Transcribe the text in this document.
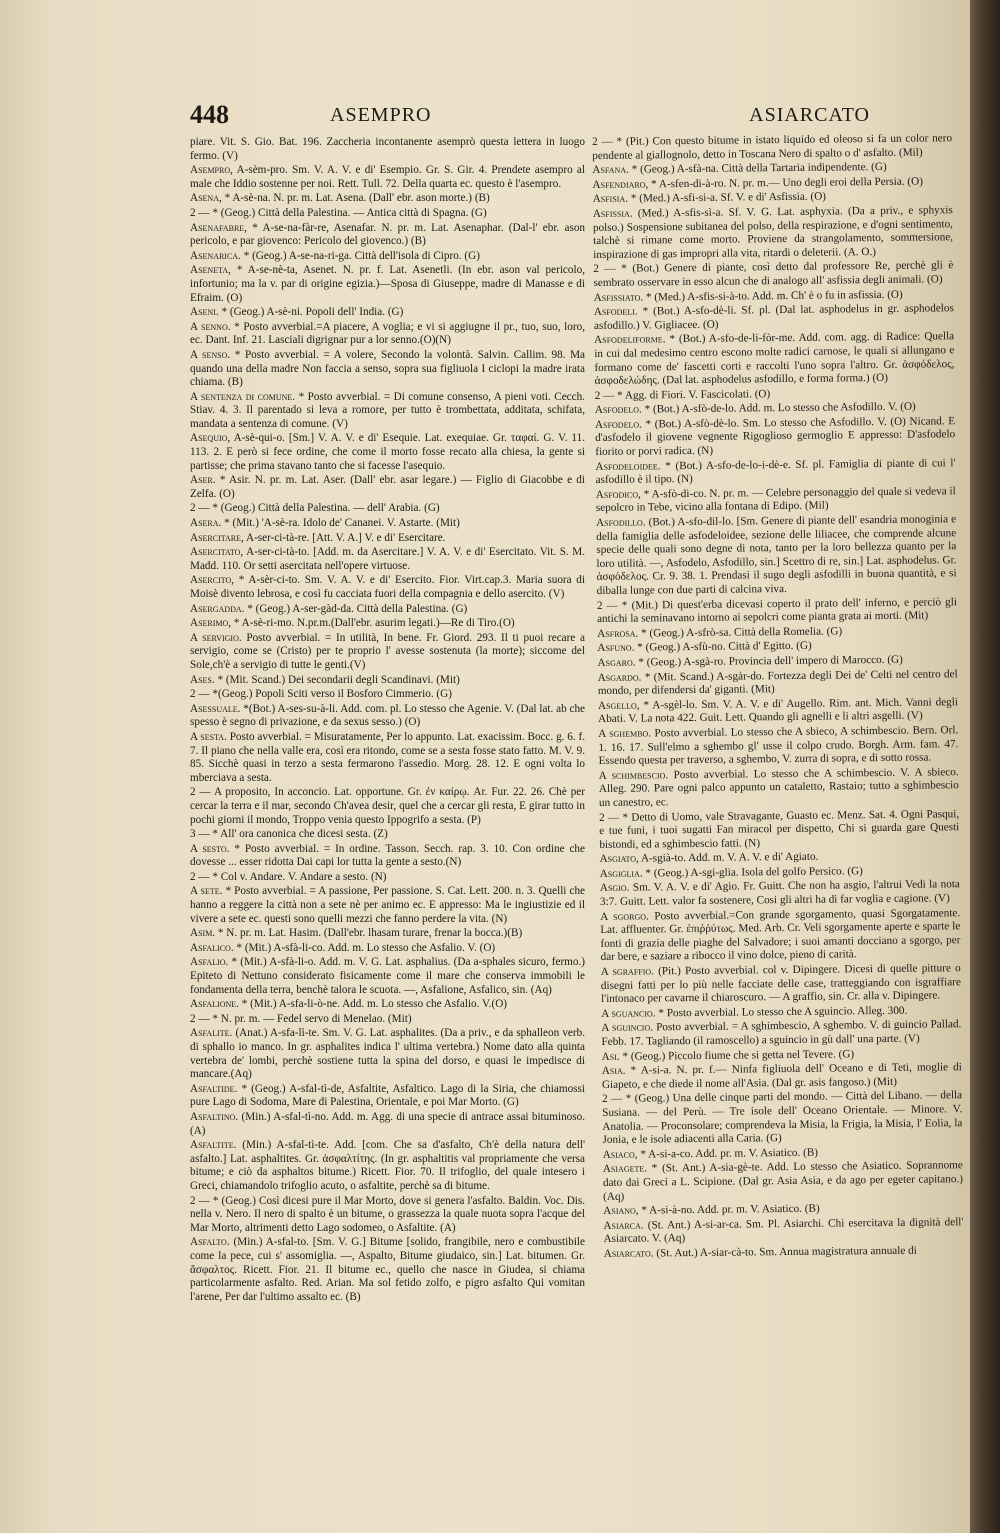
448	ASEMPRO	ASIARCATO

piare. Vit. S. Gio. Bat. 196. Zaccheria incontanente asemprò questa lettera in luogo fermo. (V)

Asempro, A-sèm-pro. Sm. V. A. V. e di' Esempio. Gr. S. Gir. 4. Prendete asempro al male che Iddio sostenne per noi. Rett. Tull. 72. Della quarta ec. questo è l'asempro.

Asena, * A-sè-na. N. pr. m. Lat. Asena. (Dall' ebr. ason morte.) (B)

2 — * (Geog.) Città della Palestina. — Antica città di Spagna. (G)

Asenafabre, * A-se-na-fàr-re, Asenafar. N. pr. m. Lat. Asenaphar. (Dal-l' ebr. ason pericolo, e par giovenco: Pericolo del giovenco.) (B)

Asenarica. * (Geog.) A-se-na-ri-ga. Città dell'isola di Cipro. (G)

Aseneta, * A-se-nè-ta, Asenet. N. pr. f. Lat. Asenetli. (In ebr. ason val pericolo, infortunio; ma la v. par di origine egizia.)—Sposa di Giuseppe, madre di Manasse e di Efraim. (O)

Aseni. * (Geog.) A-sè-ni. Popoli dell' India. (G)

A senno. * Posto avverbial.=A piacere, A voglia; e vi si aggiugne il pr., tuo, suo, loro, ec. Dant. Inf. 21. Lasciali digrignar pur a lor senno.(O)(N)

A senso. * Posto avverbial. = A volere, Secondo la volontà. Salvin. Callim. 98. Ma quando una della madre Non faccia a senso, sopra sua figliuola I ciclopi la madre irata chiama. (B)

A sentenza di comune. * Posto avverbial. = Di comune consenso, A pieni voti. Cecch. Stiav. 4. 3. Il parentado si leva a romore, per tutto è trombettata, additata, schifata, mandata a sentenza di comune. (V)

Asequio, A-sè-qui-o. [Sm.] V. A. V. e di' Esequie. Lat. exequiae. Gr. ταφαί. G. V. 11. 113. 2. E però si fece ordine, che come il morto fosse recato alla chiesa, la gente si partisse; che prima stavano tanto che si facesse l'asequio.

Aser. * Asir. N. pr. m. Lat. Aser. (Dall' ebr. asar legare.) — Figlio di Giacobbe e di Zelfa. (O)

2 — * (Geog.) Città della Palestina. — dell' Arabia. (G)

Asera. * (Mit.) 'A-sè-ra. Idolo de' Cananei. V. Astarte. (Mit)

Asercitare, A-ser-ci-tà-re. [Att. V. A.] V. e di' Esercitare.

Asercitato, A-ser-ci-tà-to. [Add. m. da Asercitare.] V. A. V. e di' Esercitato. Vit. S. M. Madd. 110. Or setti asercitata nell'opere virtuose.

Asercito, * A-sèr-ci-to. Sm. V. A. V. e di' Esercito. Fior. Virt.cap.3. Maria suora di Moisè divento lebrosa, e così fu cacciata fuori della compagnia e dello asercito. (V)

Asergadda. * (Geog.) A-ser-gàd-da. Città della Palestina. (G)

Aserimo, * A-sè-ri-mo. N.pr.m.(Dall'ebr. asurim legati.)—Re di Tiro.(O)

A servigio. Posto avverbial. = In utilità, In bene. Fr. Giord. 293. Il ti puoi recare a servigio, come se (Cristo) per te proprio l' avesse sostenuta (la morte); siccome del Sole,ch'è a servigio di tutte le genti.(V)

Ases. * (Mit. Scand.) Dei secondarii degli Scandinavi. (Mit)

2 — *(Geog.) Popoli Sciti verso il Bosforo Cimmerio. (G)

Asessuale. *(Bot.) A-ses-su-à-li. Add. com. pl. Lo stesso che Agenie. V. (Dal lat. ab che spesso è segno di privazione, e da sexus sesso.) (O)

A sesta. Posto avverbial. = Misuratamente, Per lo appunto. Lat. exacissim. Bocc. g. 6. f. 7. Il piano che nella valle era, così era ritondo, come se a sesta fosse stato fatto. M. V. 9. 85. Sicchè quasi in terzo a sesta fermarono l'assedio. Morg. 28. 12. E ogni volta lo mberciava a sesta.

2 — A proposito, In acconcio. Lat. opportune. Gr. ἐν καίρῳ. Ar. Fur. 22. 26. Chè per cercar la terra e il mar, secondo Ch'avea desir, quel che a cercar gli resta, E girar tutto in pochi giorni il mondo, Troppo venia questo Ippogrifo a sesta. (P)

3 — * All' ora canonica che dicesi sesta. (Z)

A sesto. * Posto avverbial. = In ordine. Tasson. Secch. rap. 3. 10. Con ordine che dovesse ... esser ridotta Dai capi lor tutta la gente a sesto.(N)

2 — * Col v. Andare. V. Andare a sesto. (N)

A sete. * Posto avverbial. = A passione, Per passione. S. Cat. Lett. 200. n. 3. Quelli che hanno a reggere la città non a sete nè per animo ec. E appresso: Ma le ingiustizie ed il vivere a sete ec. questi sono quelli mezzi che fanno perdere la vita. (N)

Asim. * N. pr. m. Lat. Hasim. (Dall'ebr. lhasam turare, frenar la bocca.)(B)

Asfalico. * (Mit.) A-sfà-li-co. Add. m. Lo stesso che Asfalio. V. (O)

Asfalio. * (Mit.) A-sfà-li-o. Add. m. V. G. Lat. asphalius. (Da a-sphales sicuro, fermo.) Epiteto di Nettuno considerato fisicamente come il mare che conserva immobili le fondamenta della terra, benchè talora le scuota. —, Asfalione, Asfalico, sin. (Aq)

Asfalione. * (Mit.) A-sfa-li-ò-ne. Add. m. Lo stesso che Asfalio. V.(O)

2 — * N. pr. m. — Fedel servo di Menelao. (Mit)

Asfalite. (Anat.) A-sfa-lì-te. Sm. V. G. Lat. asphalites. (Da a priv., e da sphalleon verb. di sphallo io manco. In gr. asphalites indica l' ultima vertebra.) Nome dato alla quinta vertebra de' lombi, perchè sostiene tutta la spina del dorso, e quasi le impedisce di mancare.(Aq)

Asfaltide. * (Geog.) A-sfal-tì-de, Asfaltite, Asfaltico. Lago di la Siria, che chiamossi pure Lago di Sodoma, Mare di Palestina, Orientale, e poi Mar Morto. (G)

Asfaltino. (Min.) A-sfal-tì-no. Add. m. Agg. di una specie di antrace assai bituminoso. (A)

Asfaltite. (Min.) A-sfal-tì-te. Add. [com. Che sa d'asfalto, Ch'è della natura dell' asfalto.] Lat. asphaltites. Gr. ἀσφαλτίτης. (In gr. asphaltitis val propriamente che versa bitume; e ciò da asphaltos bitume.) Ricett. Fior. 70. Il trifoglio, del quale intesero i Greci, chiamandolo trifoglio acuto, o asfaltite, perchè sa di bitume.

2 — * (Geog.) Così dicesi pure il Mar Morto, dove si genera l'asfalto. Baldin. Voc. Dis. nella v. Nero. Il nero di spalto è un bitume, o grassezza la quale nuota sopra l'acque del Mar Morto, altrimenti detto Lago sodomeo, o Asfaltite. (A)

Asfalto. (Min.) A-sfal-to. [Sm. V. G.] Bitume [solido, frangibile, nero e combustibile come la pece, cui s' assomiglia. —, Aspalto, Bitume giudaico, sin.] Lat. bitumen. Gr. ἄσφαλτος. Ricett. Fior. 21. Il bitume ec., quello che nasce in Giudea, si chiama particolarmente asfalto. Red. Arian. Ma sol fetido zolfo, e pigro asfalto Qui vomitan l'arene, Per dar l'ultimo assalto ec. (B)

2 — * (Pit.) Con questo bitume in istato liquido ed oleoso si fa un color nero pendente al giallognolo, detto in Toscana Nero di spalto o d' asfalto. (Mil)

Asfana. * (Geog.) A-sfà-na. Città della Tartaria indipendente. (G)

Asfendiaro, * A-sfen-di-à-ro. N. pr. m.— Uno degli eroi della Persia. (O)

Asfisia. * (Med.) A-sfi-si-a. Sf. V. e di' Asfissia. (O)

Asfissia. (Med.) A-sfis-sì-a. Sf. V. G. Lat. asphyxia. (Da a priv., e sphyxis polso.) Sospensione subitanea del polso, della respirazione, e d'ogni sentimento, talchè si rimane come morto. Proviene da strangolamento, sommersione, inspirazione di gas impropri alla vita, ritardi o deleterii. (A. O.)

2 — * (Bot.) Genere di piante, così detto dal professore Re, perchè gli è sembrato osservare in esso alcun che di analogo all' asfissia degli animali. (O)

Asfissiato. * (Med.) A-sfis-si-à-to. Add. m. Ch' è o fu in asfissia. (O)

Asfodeli. * (Bot.) A-sfo-dè-li. Sf. pl. (Dal lat. asphodelus in gr. asphodelos asfodillo.) V. Gigliacee. (O)

Asfodeliforme. * (Bot.) A-sfo-de-li-fòr-me. Add. com. agg. di Radice: Quella in cui dal medesimo centro escono molte radici carnose, le quali si allungano e formano come de' fascetti corti e raccolti l'uno sopra l'altro. Gr. ἀσφόδελος, ἀσφοδελώδης. (Dal lat. asphodelus asfodillo, e forma forma.) (O)

2 — * Agg. di Fiori. V. Fascicolati. (O)

Asfodelo. * (Bot.) A-sfò-de-lo. Add. m. Lo stesso che Asfodillo. V. (O)

Asfodelo. * (Bot.) A-sfò-dè-lo. Sm. Lo stesso che Asfodillo. V. (O) Nicand. E d'asfodelo il giovene vegnente Rigoglioso germoglio E appresso: D'asfodelo fiorito or porvi radica. (N)

Asfodeloidee. * (Bot.) A-sfo-de-lo-i-dè-e. Sf. pl. Famiglia di piante di cui l' asfodillo è il tipo. (N)

Asfodico, * A-sfò-di-co. N. pr. m. — Celebre personaggio del quale si vedeva il sepolcro in Tebe, vicino alla fontana di Edipo. (Mil)

Asfodillo. (Bot.) A-sfo-dil-lo. [Sm. Genere di piante dell' esandria monoginia e della famiglia delle asfodeloidee, sezione delle liliacee, che comprende alcune specie delle quali sono degne di nota, tanto per la loro bellezza quanto per la loro utilità. —, Asfodelo, Asfodillo, sin.] Scettro di re, sin.] Lat. asphodelus. Gr. ἀσφόδελος. Cr. 9. 38. 1. Prendasi il sugo degli asfodilli in buona quantità, e si diballa lunge con due parti di calcina viva.

2 — * (Mit.) Di quest'erba dicevasi coperto il prato dell' inferno, e perciò gli antichi la seminavano intorno ai sepolcri come pianta grata ai morti. (Mit)

Asfrosa. * (Geog.) A-sfrò-sa. Città della Romelia. (G)

Asfuno. * (Geog.) A-sfù-no. Città d' Egitto. (G)

Asgaro. * (Geog.) A-sgà-ro. Provincia dell' impero di Marocco. (G)

Asgardo. * (Mit. Scand.) A-sgàr-do. Fortezza degli Dei de' Celti nel centro del mondo, per difendersi da' giganti. (Mit)

Asgello, * A-sgèl-lo. Sm. V. A. V. e di' Augello. Rim. ant. Mich. Vanni degli Abati. V. La nota 422. Guit. Lett. Quando gli agnelli e li altri asgelli. (V)

A sghembo. Posto avverbial. Lo stesso che A sbieco, A schimbescio. Bern. Orl. 1. 16. 17. Sull'elmo a sghembo gl' usse il colpo crudo. Borgh. Arm. fam. 47. Essendo questa per traverso, a sghembo, V. zurra di sopra, e di sotto rossa.

A schimbescio. Posto avverbial. Lo stesso che A schimbescio. V. A sbieco. Alleg. 290. Pare ogni palco appunto un cataletto, Rastaio; tutto a sghimbescio un canestro, ec.

2 — * Detto di Uomo, vale Stravagante, Guasto ec. Menz. Sat. 4. Ogni Pasqui, e tue funi, i tuoi sugatti Fan miracol per dispetto, Chi si guarda gare Questi bistondi, ed a sghimbescio fatti. (N)

Asgiato, A-sgià-to. Add. m. V. A. V. e di' Agiato.

Asgiglia. * (Geog.) A-sgi-glia. Isola del golfo Persico. (G)

Asgio. Sm. V. A. V. e di' Agio. Fr. Guitt. Che non ha asgio, l'altrui Vedi la nota 3:7. Guitt. Lett. valor fa sostenere, Cosi gli altri ha di far voglia e cagione. (V)

A sgorgo. Posto avverbial.=Con grande sgorgamento, quasi Sgorgatamente. Lat. affluenter. Gr. ἐπιῤῥύτως. Med. Arb. Cr. Veli sgorgamente aperte e sparte le fonti di grazia delle piaghe del Salvadore; i suoi amanti docciano a sgorgo, per dar bere, e saziare a ribocco il vino dolce, pieno di carità.

A sgraffio. (Pit.) Posto avverbial. col v. Dipingere. Dicesi di quelle pitture o disegni fatti per lo più nelle facciate delle case, tratteggiando con isgraffiare l'intonaco per cavarne il chiaroscuro. — A graffio, sin. Cr. alla v. Dipingere.

A sguancio. * Posto avverbial. Lo stesso che A sguincio. Alleg. 300.

A sguincio. Posto avverbial. = A sghimbescio, A sghembo. V. di guincio Pallad. Febb. 17. Tagliando (il ramoscello) a sguincio in gù dall' una parte. (V)

Asi. * (Geog.) Piccolo fiume che si getta nel Tevere. (G)

Asia. * A-si-a. N. pr. f.— Ninfa figliuola dell' Oceano e di Teti, moglie di Giapeto, e che diede il nome all'Asia. (Dal gr. asis fangoso.) (Mit)

2 — * (Geog.) Una delle cinque parti del mondo. — Città del Libano. — della Susiana. — del Perù. — Tre isole dell' Oceano Orientale. — Minore. V. Anatolia. — Proconsolare; comprendeva la Misia, la Frigia, la Misia, l' Eolia, la Jonia, e le isole adiacenti alla Caria. (G)

Asiaco, * A-si-a-co. Add. pr. m. V. Asiatico. (B)

Asiagete. * (St. Ant.) A-sia-gè-te. Add. Lo stesso che Asiatico. Soprannome dato dai Greci a L. Scipione. (Dal gr. Asia Asia, e da ago per egeter capitano.) (Aq)

Asiano, * A-si-à-no. Add. pr. m. V. Asiatico. (B)

Asiarca. (St. Ant.) A-si-ar-ca. Sm. Pl. Asiarchi. Chi esercitava la dignità dell' Asiarcato. V. (Aq)

Asiarcato. (St. Aut.) A-siar-cà-to. Sm. Annua magistratura annuale di
